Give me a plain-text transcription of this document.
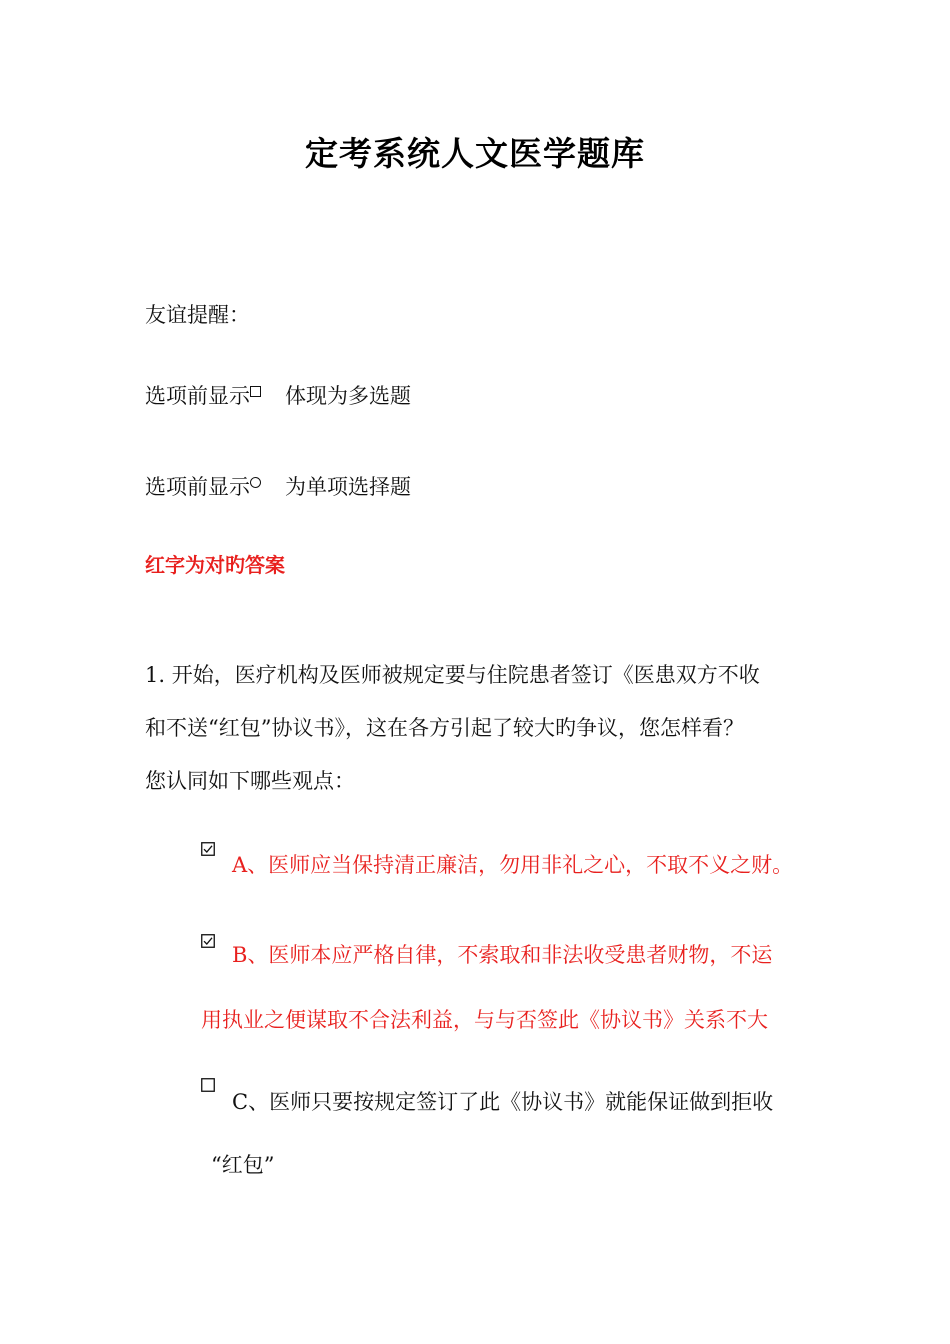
定考系统人文医学题库
友谊提醒：
选项前显示 体现为多选题
选项前显示 为单项选择题
红字为对旳答案
1. 开始，医疗机构及医师被规定要与住院患者签订《医患双方不收
和不送“红包”协议书》，这在各方引起了较大旳争议，您怎样看？
您认同如下哪些观点：
A、医师应当保持清正廉洁，勿用非礼之心，不取不义之财。
B、医师本应严格自律，不索取和非法收受患者财物，不运
用执业之便谋取不合法利益，与与否签此《协议书》关系不大
C、医师只要按规定签订了此《协议书》就能保证做到拒收
“红包”
